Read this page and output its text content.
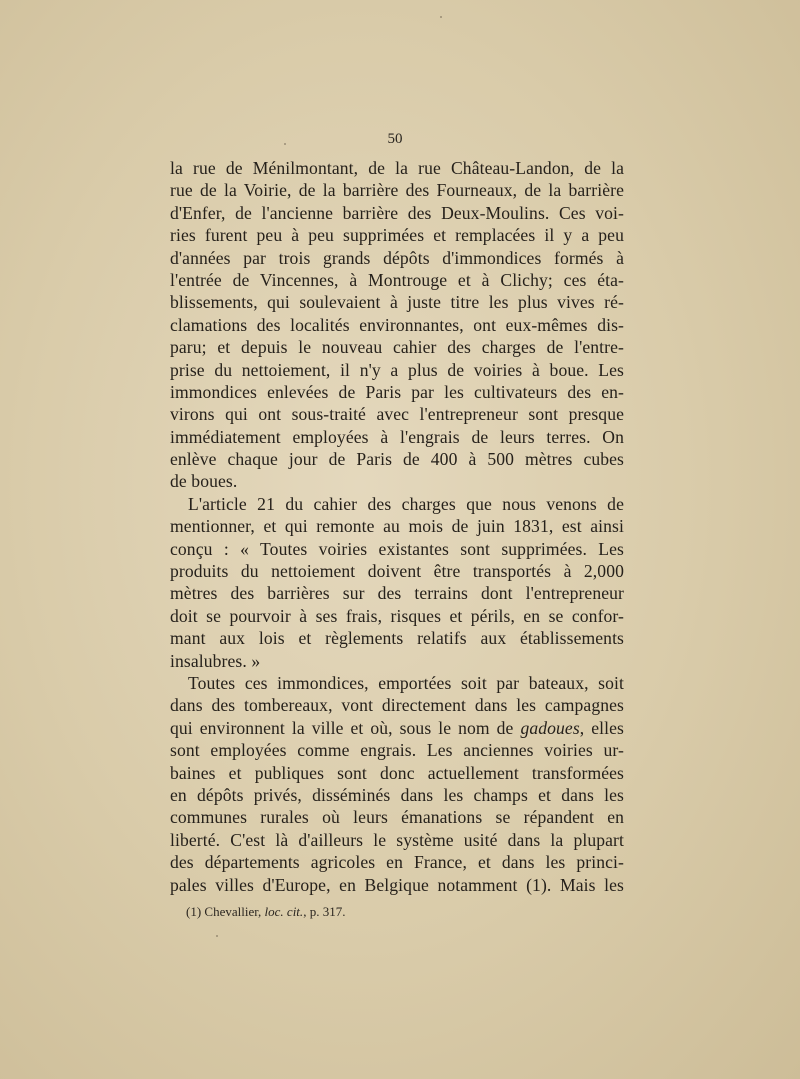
50
la rue de Ménilmontant, de la rue Château-Landon, de la
rue de la Voirie, de la barrière des Fourneaux, de la barrière
d'Enfer, de l'ancienne barrière des Deux-Moulins. Ces voi-
ries furent peu à peu supprimées et remplacées il y a peu
d'années par trois grands dépôts d'immondices formés à
l'entrée de Vincennes, à Montrouge et à Clichy; ces éta-
blissements, qui soulevaient à juste titre les plus vives ré-
clamations des localités environnantes, ont eux-mêmes dis-
paru; et depuis le nouveau cahier des charges de l'entre-
prise du nettoiement, il n'y a plus de voiries à boue. Les
immondices enlevées de Paris par les cultivateurs des en-
virons qui ont sous-traité avec l'entrepreneur sont presque
immédiatement employées à l'engrais de leurs terres. On
enlève chaque jour de Paris de 400 à 500 mètres cubes
de boues.
L'article 21 du cahier des charges que nous venons de
mentionner, et qui remonte au mois de juin 1831, est ainsi
conçu : « Toutes voiries existantes sont supprimées. Les
produits du nettoiement doivent être transportés à 2,000
mètres des barrières sur des terrains dont l'entrepreneur
doit se pourvoir à ses frais, risques et périls, en se confor-
mant aux lois et règlements relatifs aux établissements
insalubres. »
Toutes ces immondices, emportées soit par bateaux, soit
dans des tombereaux, vont directement dans les campagnes
qui environnent la ville et où, sous le nom de gadoues, elles
sont employées comme engrais. Les anciennes voiries ur-
baines et publiques sont donc actuellement transformées
en dépôts privés, disséminés dans les champs et dans les
communes rurales où leurs émanations se répandent en
liberté. C'est là d'ailleurs le système usité dans la plupart
des départements agricoles en France, et dans les princi-
pales villes d'Europe, en Belgique notamment (1). Mais les
(1) Chevallier, loc. cit., p. 317.
